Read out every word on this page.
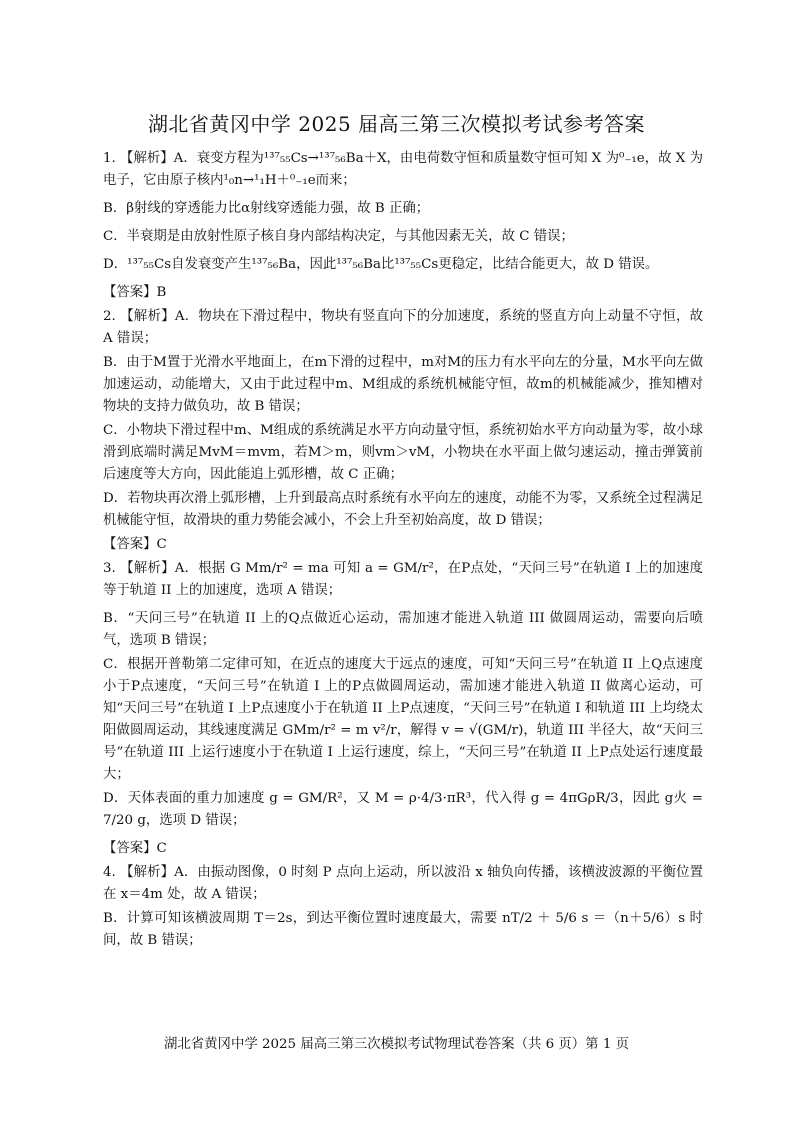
湖北省黄冈中学 2025 届高三第三次模拟考试参考答案

1. 【解析】A．衰变方程为¹³⁷₅₅Cs→¹³⁷₅₆Ba＋X，由电荷数守恒和质量数守恒可知 X 为⁰₋₁e，故 X 为电子，它由原子核内¹₀n→¹₁H＋⁰₋₁e而来；

B．β射线的穿透能力比α射线穿透能力强，故 B 正确；

C．半衰期是由放射性原子核自身内部结构决定，与其他因素无关，故 C 错误；

D．¹³⁷₅₅Cs自发衰变产生¹³⁷₅₆Ba，因此¹³⁷₅₆Ba比¹³⁷₅₅Cs更稳定，比结合能更大，故 D 错误。

【答案】B

2. 【解析】A．物块在下滑过程中，物块有竖直向下的分加速度，系统的竖直方向上动量不守恒，故 A 错误；

B．由于M置于光滑水平地面上，在m下滑的过程中，m对M的压力有水平向左的分量，M水平向左做加速运动，动能增大，又由于此过程中m、M组成的系统机械能守恒，故m的机械能减少，推知槽对物块的支持力做负功，故 B 错误；

C．小物块下滑过程中m、M组成的系统满足水平方向动量守恒，系统初始水平方向动量为零，故小球滑到底端时满足MvM＝mvm，若M＞m，则vm＞vM，小物块在水平面上做匀速运动，撞击弹簧前后速度等大方向，因此能追上弧形槽，故 C 正确；

D．若物块再次滑上弧形槽，上升到最高点时系统有水平向左的速度，动能不为零，又系统全过程满足机械能守恒，故滑块的重力势能会减小，不会上升至初始高度，故 D 错误；

【答案】C

3. 【解析】A．根据 G Mm/r² = ma 可知 a = GM/r²，在P点处，“天问三号”在轨道 I 上的加速度等于轨道 II 上的加速度，选项 A 错误；

B．“天问三号”在轨道 II 上的Q点做近心运动，需加速才能进入轨道 III 做圆周运动，需要向后喷气，选项 B 错误；

C．根据开普勒第二定律可知，在近点的速度大于远点的速度，可知“天问三号”在轨道 II 上Q点速度小于P点速度，“天问三号”在轨道 I 上的P点做圆周运动，需加速才能进入轨道 II 做离心运动，可知“天问三号”在轨道 I 上P点速度小于在轨道 II 上P点速度，“天问三号”在轨道 I 和轨道 III 上均绕太阳做圆周运动，其线速度满足 GMm/r² = m v²/r，解得 v = √(GM/r)，轨道 III 半径大，故“天问三号”在轨道 III 上运行速度小于在轨道 I 上运行速度，综上，“天问三号”在轨道 II 上P点处运行速度最大；

D．天体表面的重力加速度 g = GM/R²，又 M = ρ·4/3·πR³，代入得 g = 4πGρR/3，因此 g火 = 7/20 g，选项 D 错误；

【答案】C

4. 【解析】A．由振动图像，0 时刻 P 点向上运动，所以波沿 x 轴负向传播，该横波波源的平衡位置在 x＝4m 处，故 A 错误；

B．计算可知该横波周期 T＝2s，到达平衡位置时速度最大，需要 nT/2 ＋ 5/6 s ＝（n＋5/6）s 时间，故 B 错误；

湖北省黄冈中学 2025 届高三第三次模拟考试物理试卷答案（共 6 页）第 1 页
